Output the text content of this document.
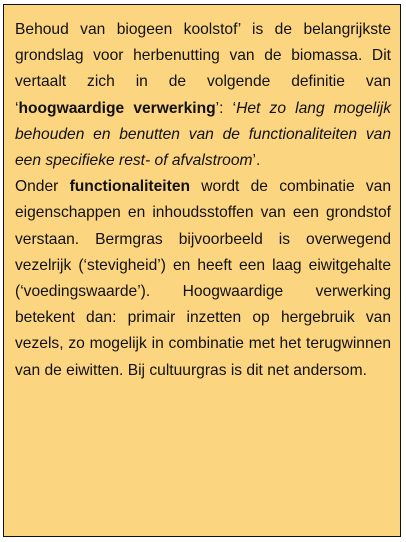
Behoud van biogeen koolstof’ is de belangrijkste grondslag voor herbenutting van de biomassa. Dit vertaalt zich in de volgende definitie van ‘hoogwaardige verwerking’: ‘Het zo lang mogelijk behouden en benutten van de functionaliteiten van een specifieke rest- of afvalstroom’.

Onder functionaliteiten wordt de combinatie van eigenschappen en inhoudsstoffen van een grondstof verstaan. Bermgras bijvoorbeeld is overwegend vezelrijk (‘stevigheid’) en heeft een laag eiwitgehalte (‘voedingswaarde’). Hoogwaardige verwerking betekent dan: primair inzetten op hergebruik van vezels, zo mogelijk in combinatie met het terugwinnen van de eiwitten. Bij cultuurgras is dit net andersom.
